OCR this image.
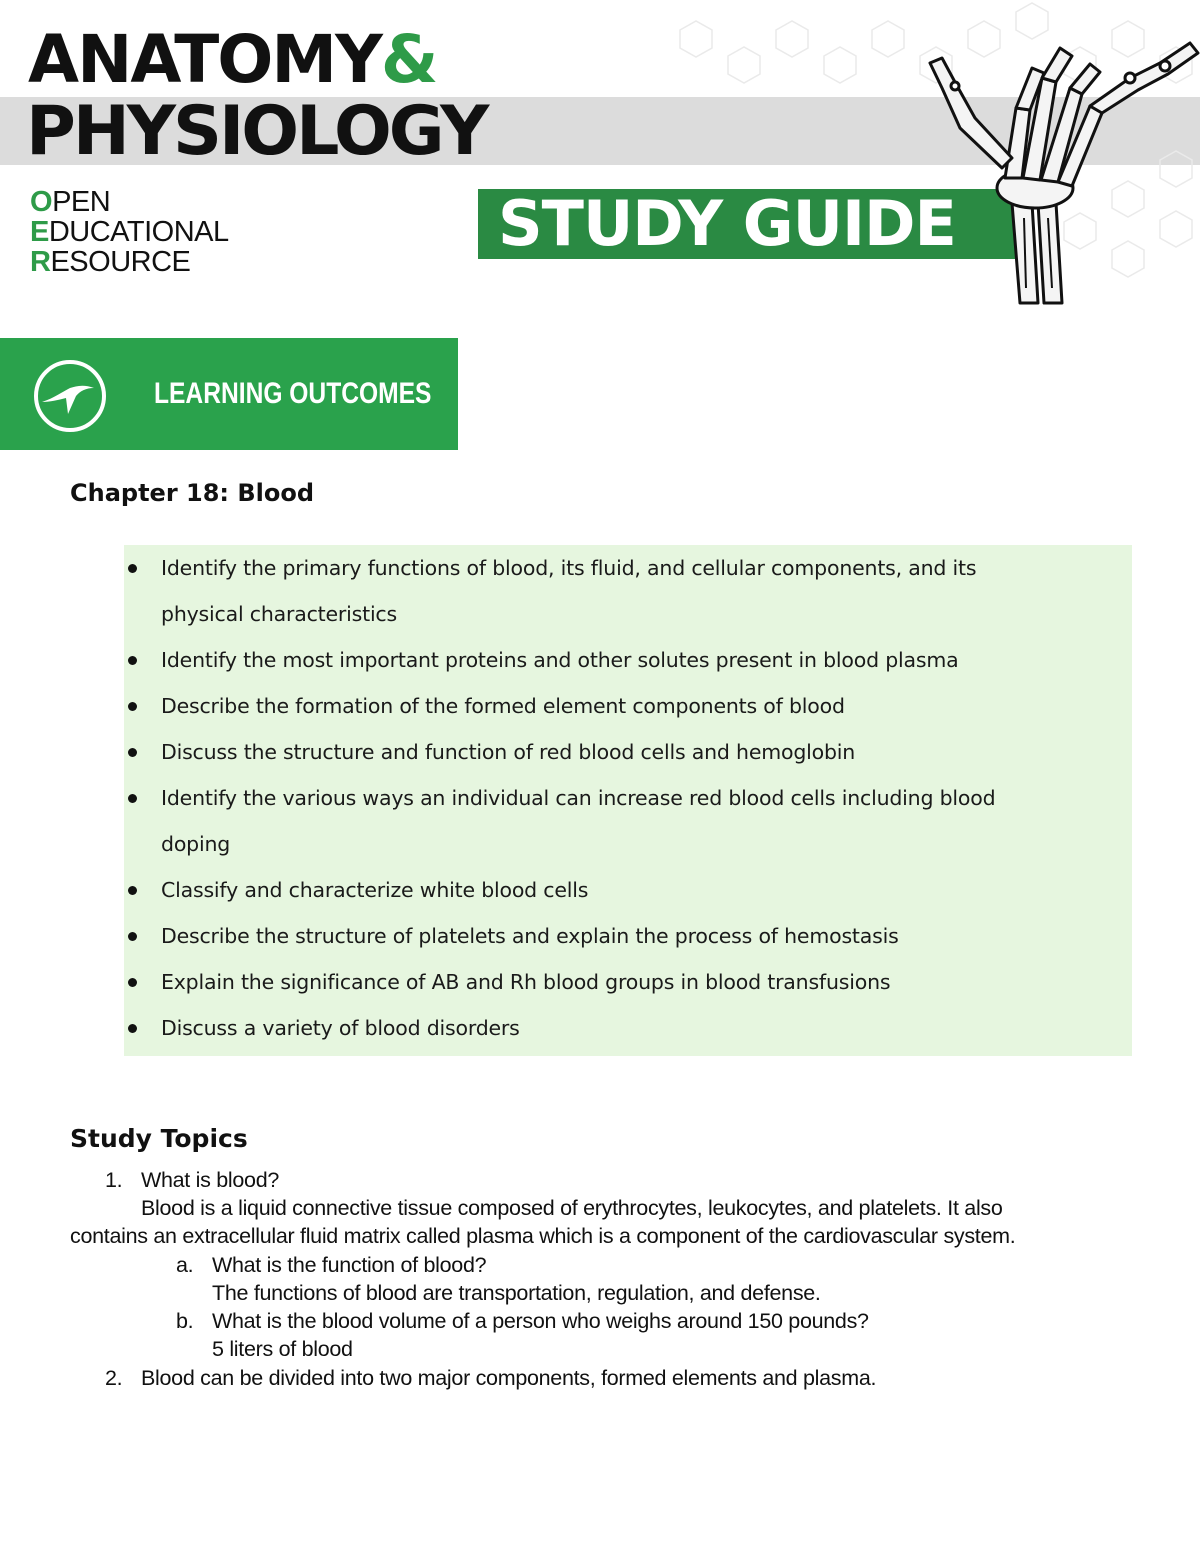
ANATOMY&
PHYSIOLOGY
OPEN
EDUCATIONAL
RESOURCE
STUDY GUIDE
LEARNING OUTCOMES
Chapter 18: Blood
Identify the primary functions of blood, its fluid, and cellular components, and its
physical characteristics
Identify the most important proteins and other solutes present in blood plasma
Describe the formation of the formed element components of blood
Discuss the structure and function of red blood cells and hemoglobin
Identify the various ways an individual can increase red blood cells including blood
doping
Classify and characterize white blood cells
Describe the structure of platelets and explain the process of hemostasis
Explain the significance of AB and Rh blood groups in blood transfusions
Discuss a variety of blood disorders
Study Topics
1. What is blood?
Blood is a liquid connective tissue composed of erythrocytes, leukocytes, and platelets. It also
contains an extracellular fluid matrix called plasma which is a component of the cardiovascular system.
a. What is the function of blood?
The functions of blood are transportation, regulation, and defense.
b. What is the blood volume of a person who weighs around 150 pounds?
5 liters of blood
2. Blood can be divided into two major components, formed elements and plasma.
